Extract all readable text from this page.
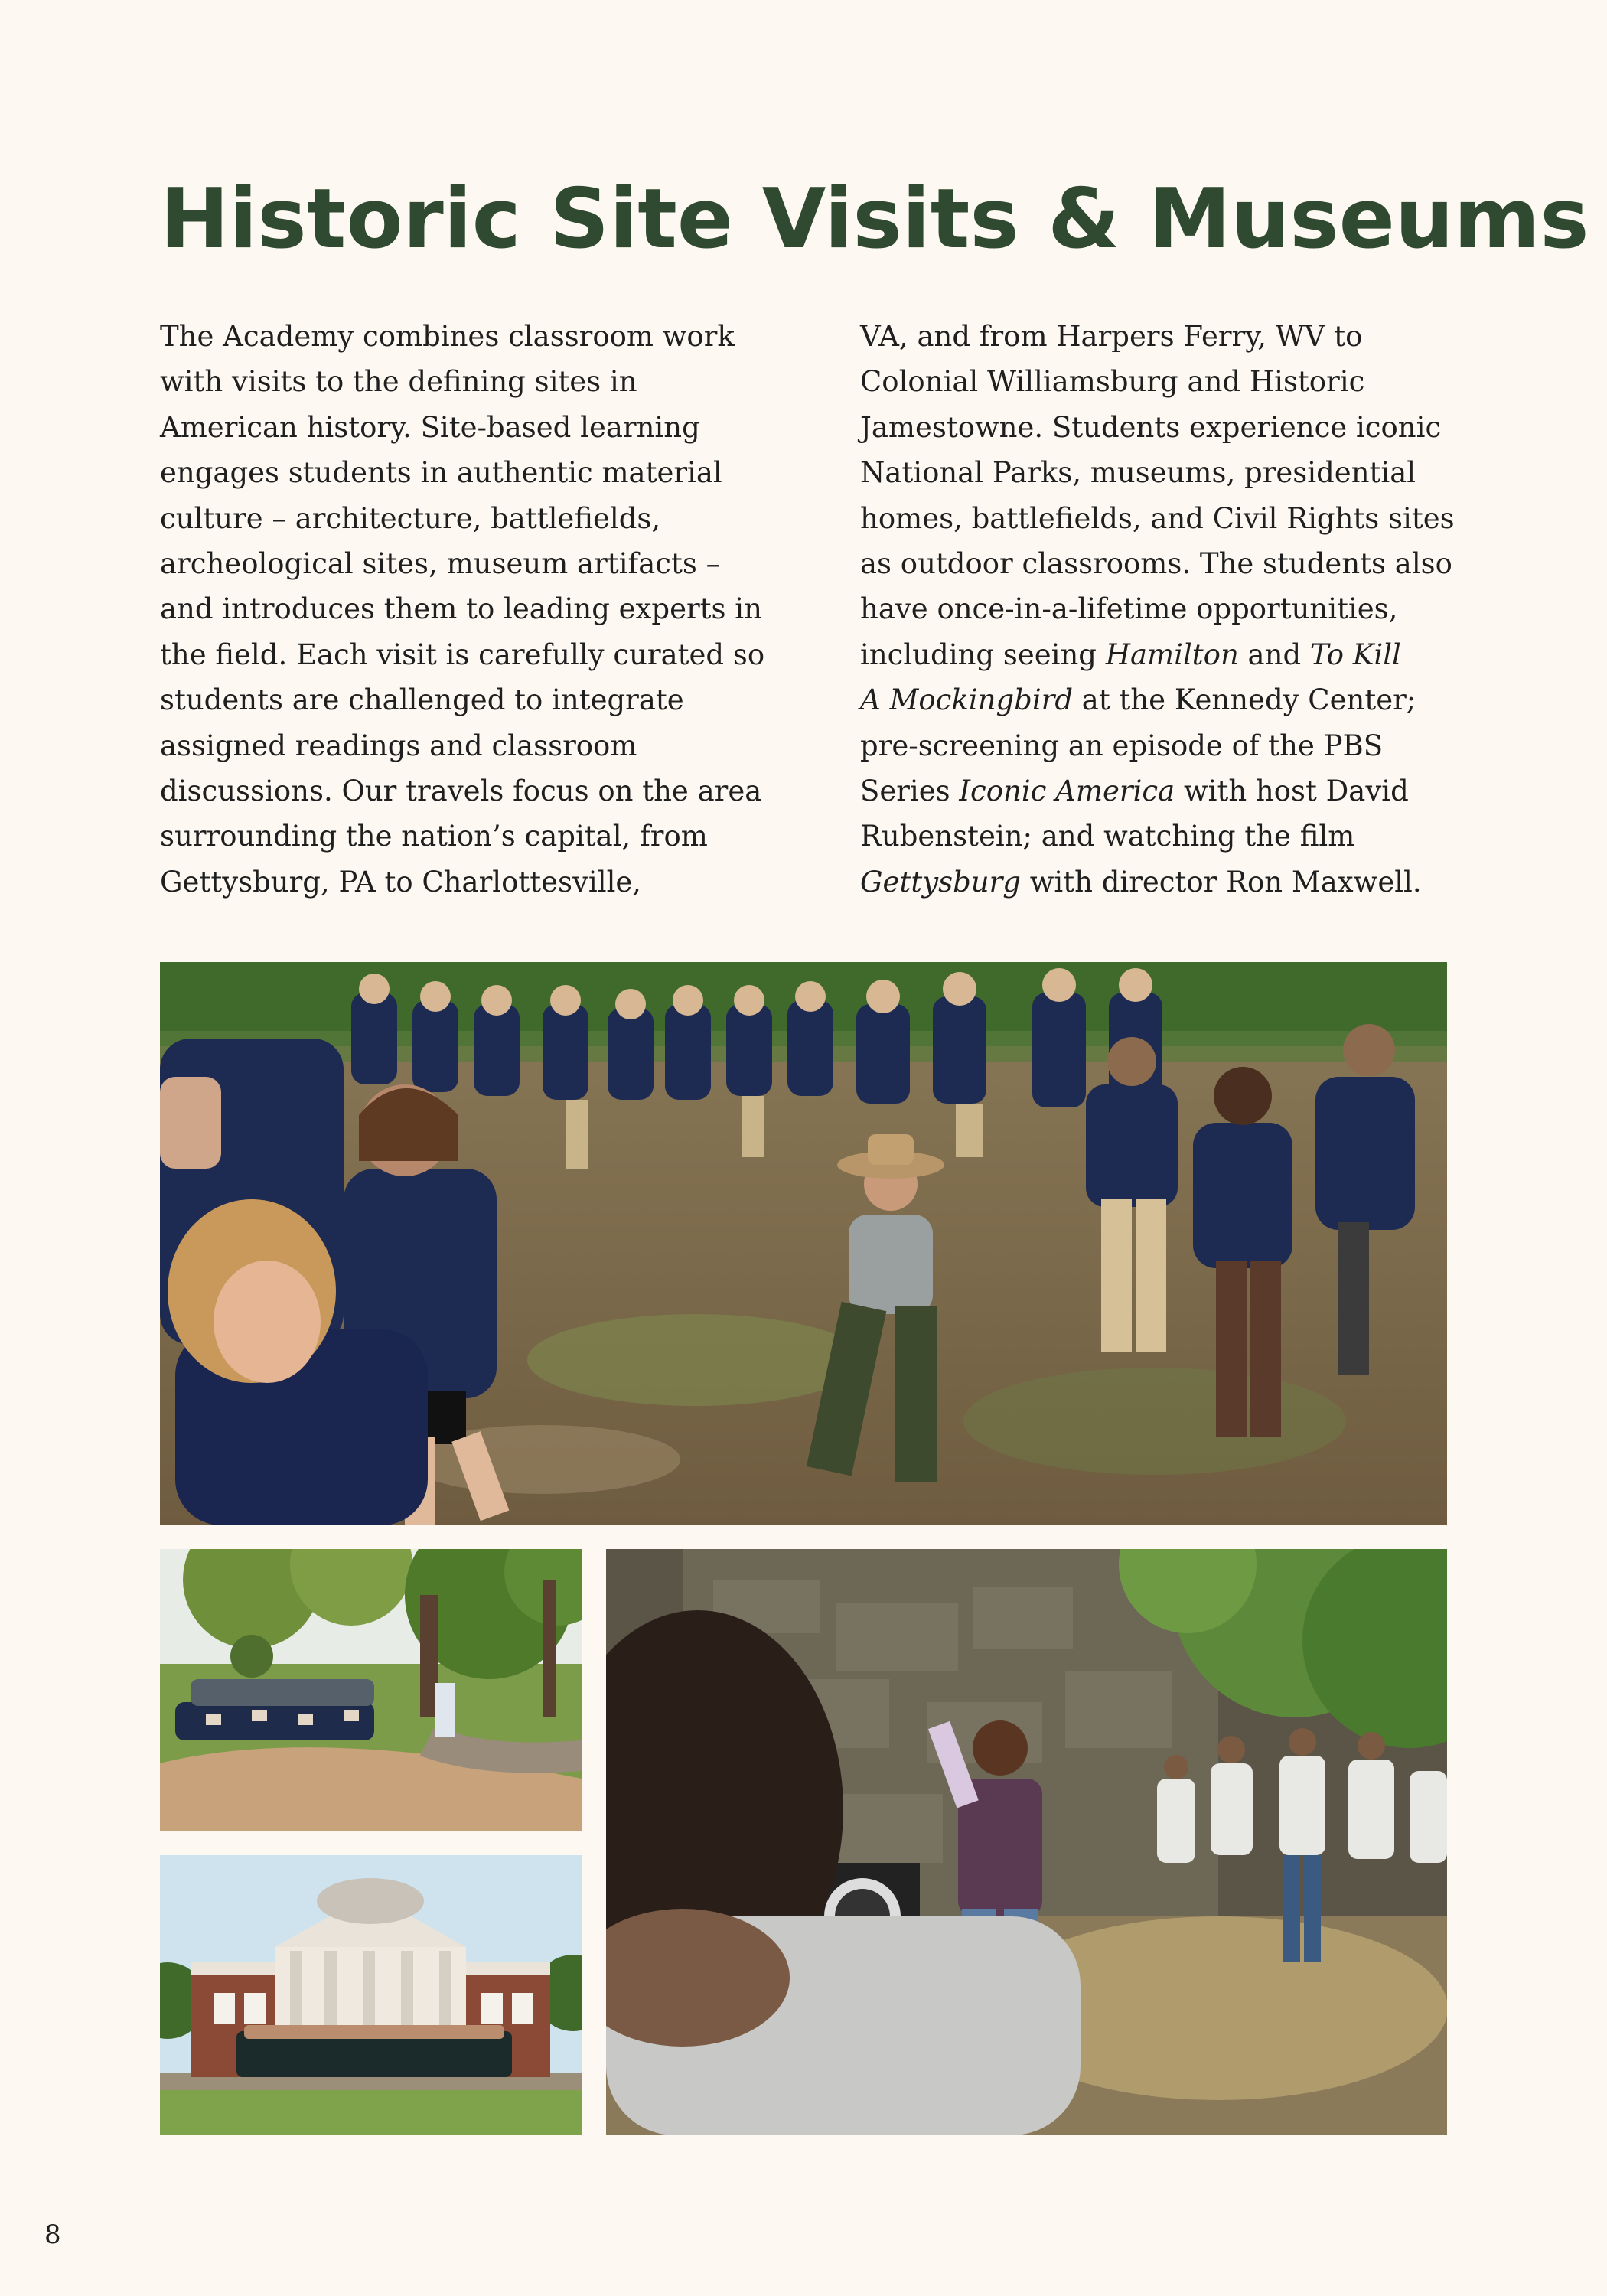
Historic Site Visits & Museums
The Academy combines classroom work
with visits to the defining sites in
American history. Site-based learning
engages students in authentic material
culture – architecture, battlefields,
archeological sites, museum artifacts –
and introduces them to leading experts in
the field. Each visit is carefully curated so
students are challenged to integrate
assigned readings and classroom
discussions. Our travels focus on the area
surrounding the nation’s capital, from
Gettysburg, PA to Charlottesville,
VA, and from Harpers Ferry, WV to
Colonial Williamsburg and Historic
Jamestowne. Students experience iconic
National Parks, museums, presidential
homes, battlefields, and Civil Rights sites
as outdoor classrooms. The students also
have once-in-a-lifetime opportunities,
including seeing Hamilton and To Kill
A Mockingbird at the Kennedy Center;
pre-screening an episode of the PBS
Series Iconic America with host David
Rubenstein; and watching the film
Gettysburg with director Ron Maxwell.
8
